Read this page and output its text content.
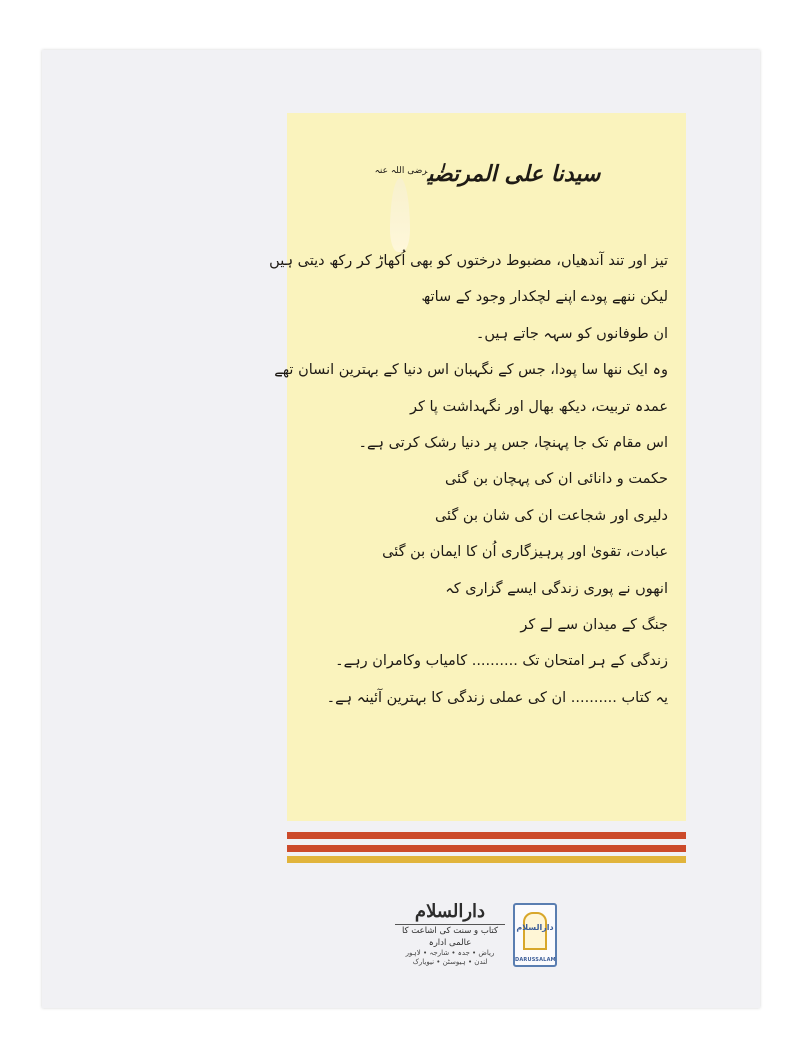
سیدنا علی المرتضٰی$^{رضی اللہ عنہ}$
تیز اور تند آندھیاں، مضبوط درختوں کو بھی اُکھاڑ کر رکھ دیتی ہیں
لیکن ننھے پودے اپنے لچکدار وجود کے ساتھ
ان طوفانوں کو سہہ جاتے ہیں۔
وہ ایک ننھا سا پودا، جس کے نگہبان اس دنیا کے بہترین انسان تھے
عمدہ تربیت، دیکھ بھال اور نگہداشت پا کر
اس مقام تک جا پہنچا، جس پر دنیا رشک کرتی ہے۔
حکمت و دانائی ان کی پہچان بن گئی
دلیری اور شجاعت ان کی شان بن گئی
عبادت، تقویٰ اور پرہیزگاری اُن کا ایمان بن گئی
انھوں نے پوری زندگی ایسے گزاری کہ
جنگ کے میدان سے لے کر
زندگی کے ہر امتحان تک .......... کامیاب وکامران رہے۔
یہ کتاب .......... ان کی عملی زندگی کا بہترین آئینہ ہے۔
دارالسلام
کتاب و سنت کی اشاعت کا عالمی ادارہ
ریاض • جدہ • شارجہ • لاہور
لندن • ہیوسٹن • نیویارک
دارالسلام
DARUSSALAM
